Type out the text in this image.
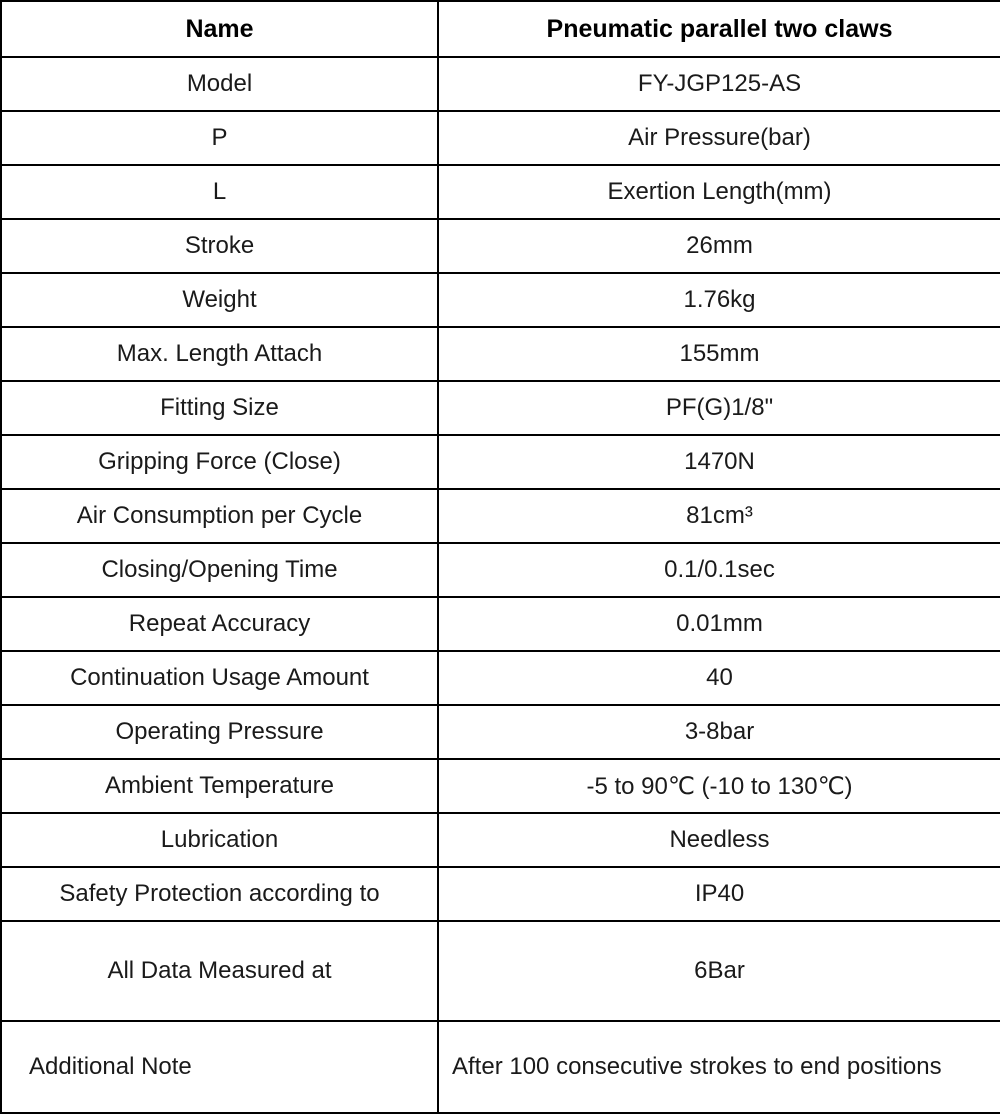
Name	Pneumatic parallel two claws
Model	FY-JGP125-AS
P	Air Pressure(bar)
L	Exertion Length(mm)
Stroke	26mm
Weight	1.76kg
Max. Length Attach	155mm
Fitting Size	PF(G)1/8"
Gripping Force (Close)	1470N
Air Consumption per Cycle	81cm³
Closing/Opening Time	0.1/0.1sec
Repeat Accuracy	0.01mm
Continuation Usage Amount	40
Operating Pressure	3-8bar
Ambient Temperature	-5 to 90℃ (-10 to 130℃)
Lubrication	Needless
Safety Protection according to	IP40
All Data Measured at	6Bar
Additional Note	After 100 consecutive strokes to end positions
